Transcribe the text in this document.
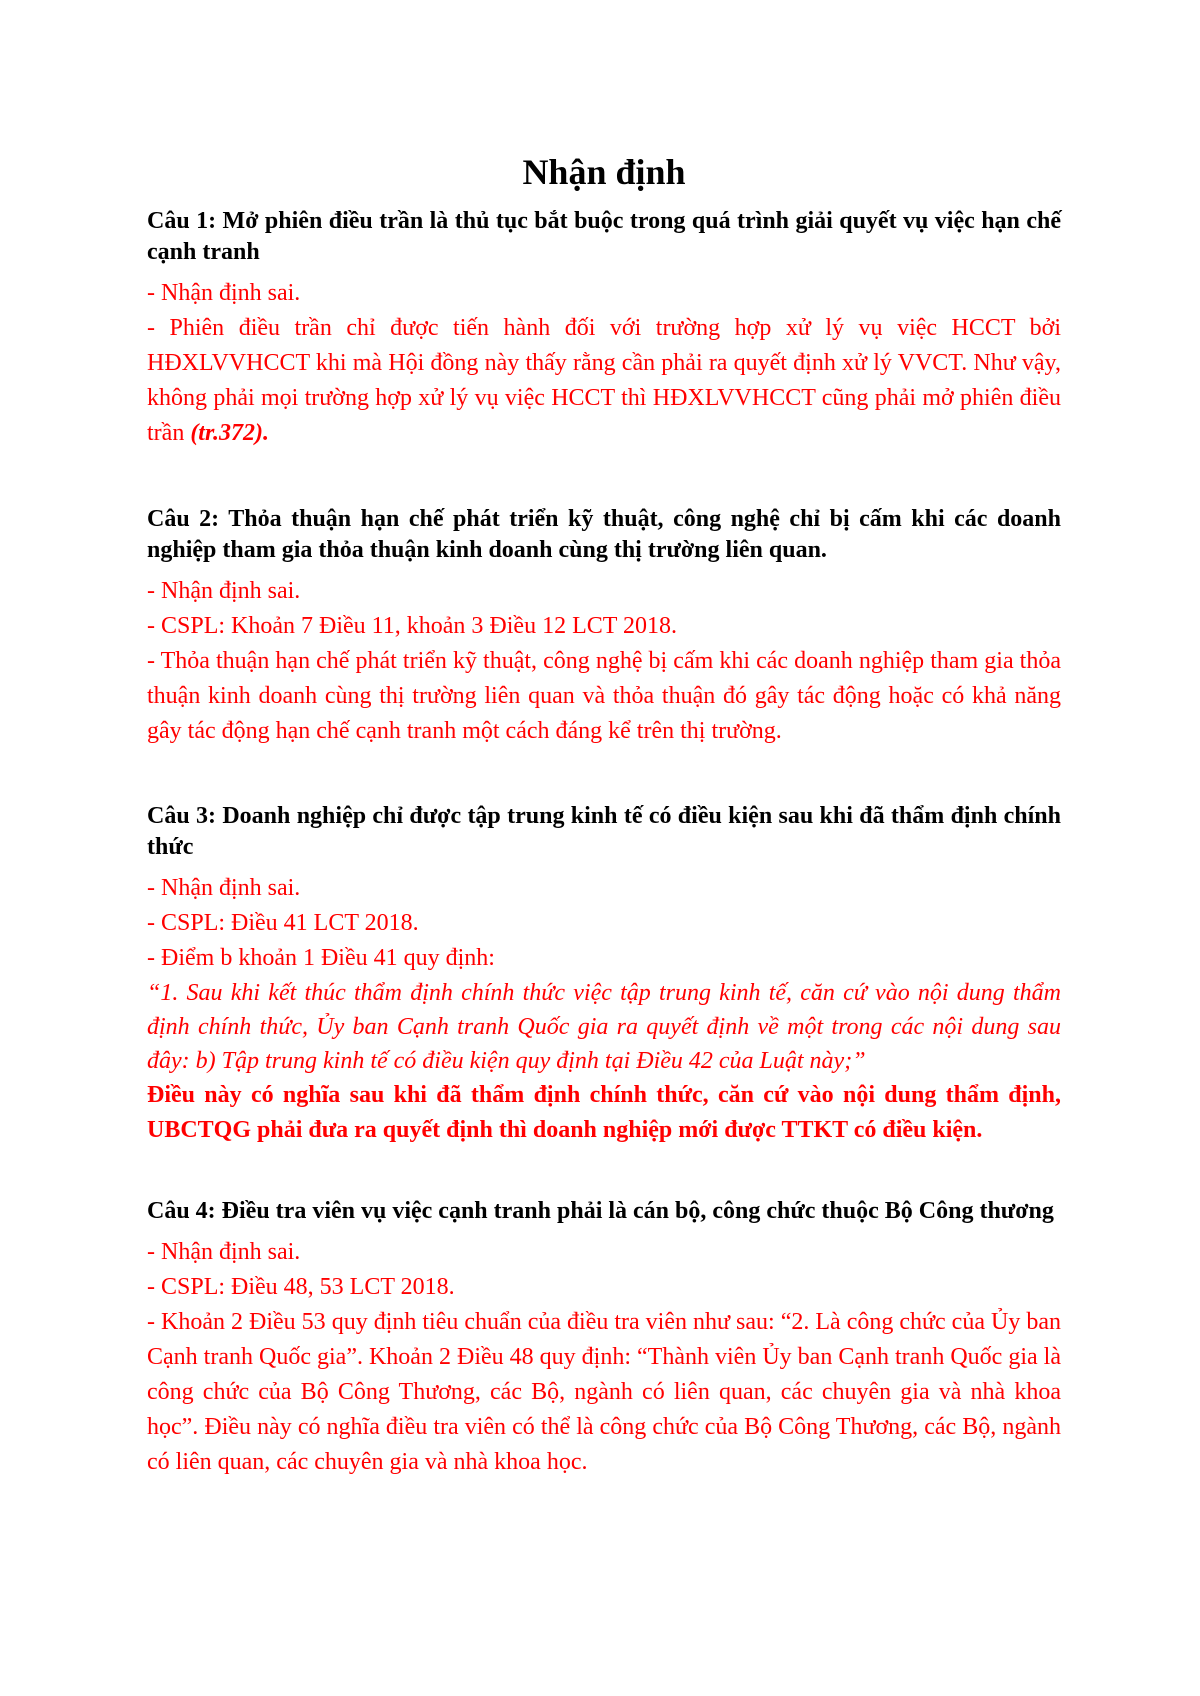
Nhận định

Câu 1: Mở phiên điều trần là thủ tục bắt buộc trong quá trình giải quyết vụ việc hạn chế cạnh tranh

- Nhận định sai.

- Phiên điều trần chỉ được tiến hành đối với trường hợp xử lý vụ việc HCCT bởi HĐXLVVHCCT khi mà Hội đồng này thấy rằng cần phải ra quyết định xử lý VVCT. Như vậy, không phải mọi trường hợp xử lý vụ việc HCCT thì HĐXLVVHCCT cũng phải mở phiên điều trần (tr.372).

Câu 2: Thỏa thuận hạn chế phát triển kỹ thuật, công nghệ chỉ bị cấm khi các doanh nghiệp tham gia thỏa thuận kinh doanh cùng thị trường liên quan.

- Nhận định sai.

- CSPL: Khoản 7 Điều 11, khoản 3 Điều 12 LCT 2018.

- Thỏa thuận hạn chế phát triển kỹ thuật, công nghệ bị cấm khi các doanh nghiệp tham gia thỏa thuận kinh doanh cùng thị trường liên quan và thỏa thuận đó gây tác động hoặc có khả năng gây tác động hạn chế cạnh tranh một cách đáng kể trên thị trường.

Câu 3: Doanh nghiệp chỉ được tập trung kinh tế có điều kiện sau khi đã thẩm định chính thức

- Nhận định sai.

- CSPL: Điều 41 LCT 2018.

- Điểm b khoản 1 Điều 41 quy định:

“1. Sau khi kết thúc thẩm định chính thức việc tập trung kinh tế, căn cứ vào nội dung thẩm định chính thức, Ủy ban Cạnh tranh Quốc gia ra quyết định về một trong các nội dung sau đây: b) Tập trung kinh tế có điều kiện quy định tại Điều 42 của Luật này;”

Điều này có nghĩa sau khi đã thẩm định chính thức, căn cứ vào nội dung thẩm định, UBCTQG phải đưa ra quyết định thì doanh nghiệp mới được TTKT có điều kiện.

Câu 4: Điều tra viên vụ việc cạnh tranh phải là cán bộ, công chức thuộc Bộ Công thương

- Nhận định sai.

- CSPL: Điều 48, 53 LCT 2018.

- Khoản 2 Điều 53 quy định tiêu chuẩn của điều tra viên như sau: “2. Là công chức của Ủy ban Cạnh tranh Quốc gia”. Khoản 2 Điều 48 quy định: “Thành viên Ủy ban Cạnh tranh Quốc gia là công chức của Bộ Công Thương, các Bộ, ngành có liên quan, các chuyên gia và nhà khoa học”. Điều này có nghĩa điều tra viên có thể là công chức của Bộ Công Thương, các Bộ, ngành có liên quan, các chuyên gia và nhà khoa học.
